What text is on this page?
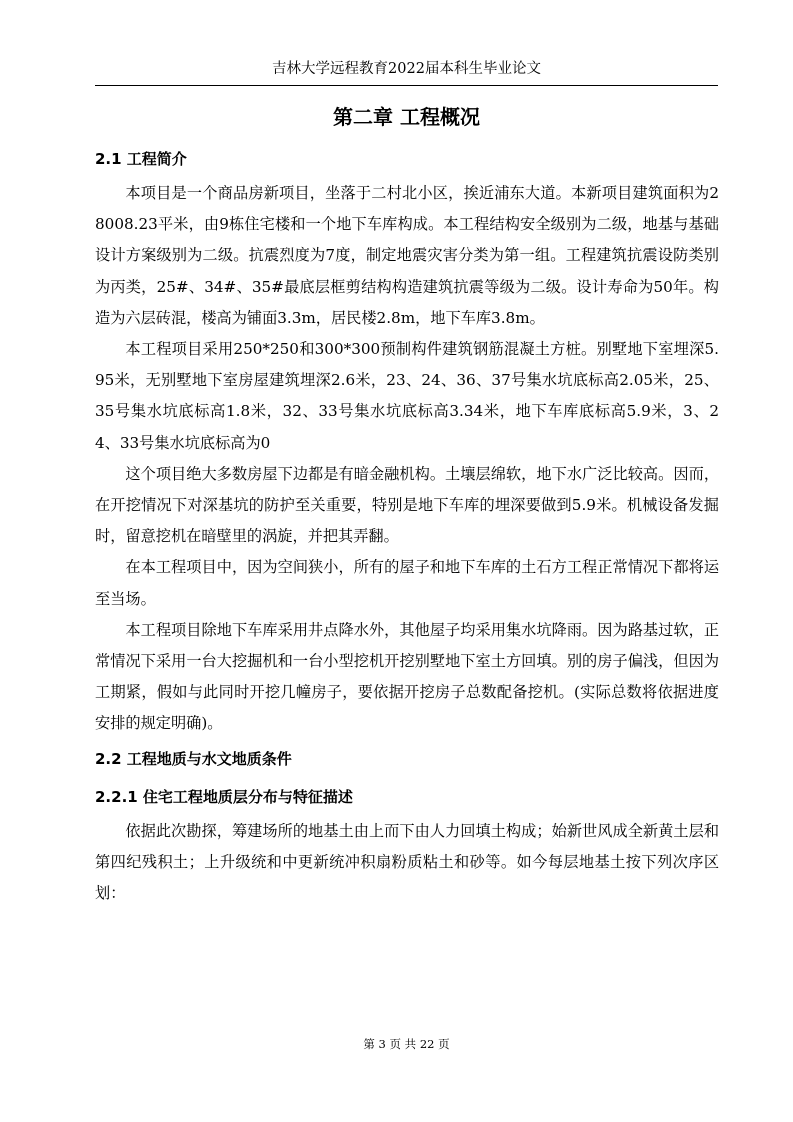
吉林大学远程教育2022届本科生毕业论文
第二章 工程概况
2.1 工程简介

本项目是一个商品房新项目，坐落于二村北小区，挨近浦东大道。本新项目建筑面积为28008.23平米，由9栋住宅楼和一个地下车库构成。本工程结构安全级别为二级，地基与基础设计方案级别为二级。抗震烈度为7度，制定地震灾害分类为第一组。工程建筑抗震设防类别为丙类，25#、34#、35#最底层框剪结构构造建筑抗震等级为二级。设计寿命为50年。构造为六层砖混，楼高为铺面3.3m，居民楼2.8m，地下车库3.8m。

本工程项目采用250*250和300*300预制构件建筑钢筋混凝土方桩。别墅地下室埋深5.95米，无别墅地下室房屋建筑埋深2.6米，23、24、36、37号集水坑底标高2.05米，25、35号集水坑底标高1.8米，32、33号集水坑底标高3.34米，地下车库底标高5.9米，3、24、33号集水坑底标高为0

这个项目绝大多数房屋下边都是有暗金融机构。土壤层绵软，地下水广泛比较高。因而，在开挖情况下对深基坑的防护至关重要，特别是地下车库的埋深要做到5.9米。机械设备发掘时，留意挖机在暗壁里的涡旋，并把其弄翻。

在本工程项目中，因为空间狭小，所有的屋子和地下车库的土石方工程正常情况下都将运至当场。

本工程项目除地下车库采用井点降水外，其他屋子均采用集水坑降雨。因为路基过软，正常情况下采用一台大挖掘机和一台小型挖机开挖别墅地下室土方回填。别的房子偏浅，但因为工期紧，假如与此同时开挖几幢房子，要依据开挖房子总数配备挖机。(实际总数将依据进度安排的规定明确)。

2.2 工程地质与水文地质条件
2.2.1 住宅工程地质层分布与特征描述

依据此次勘探，筹建场所的地基土由上而下由人力回填土构成；始新世风成全新黄土层和第四纪残积土；上升级统和中更新统冲积扇粉质粘土和砂等。如今每层地基土按下列次序区划：

第 3 页 共 22 页
